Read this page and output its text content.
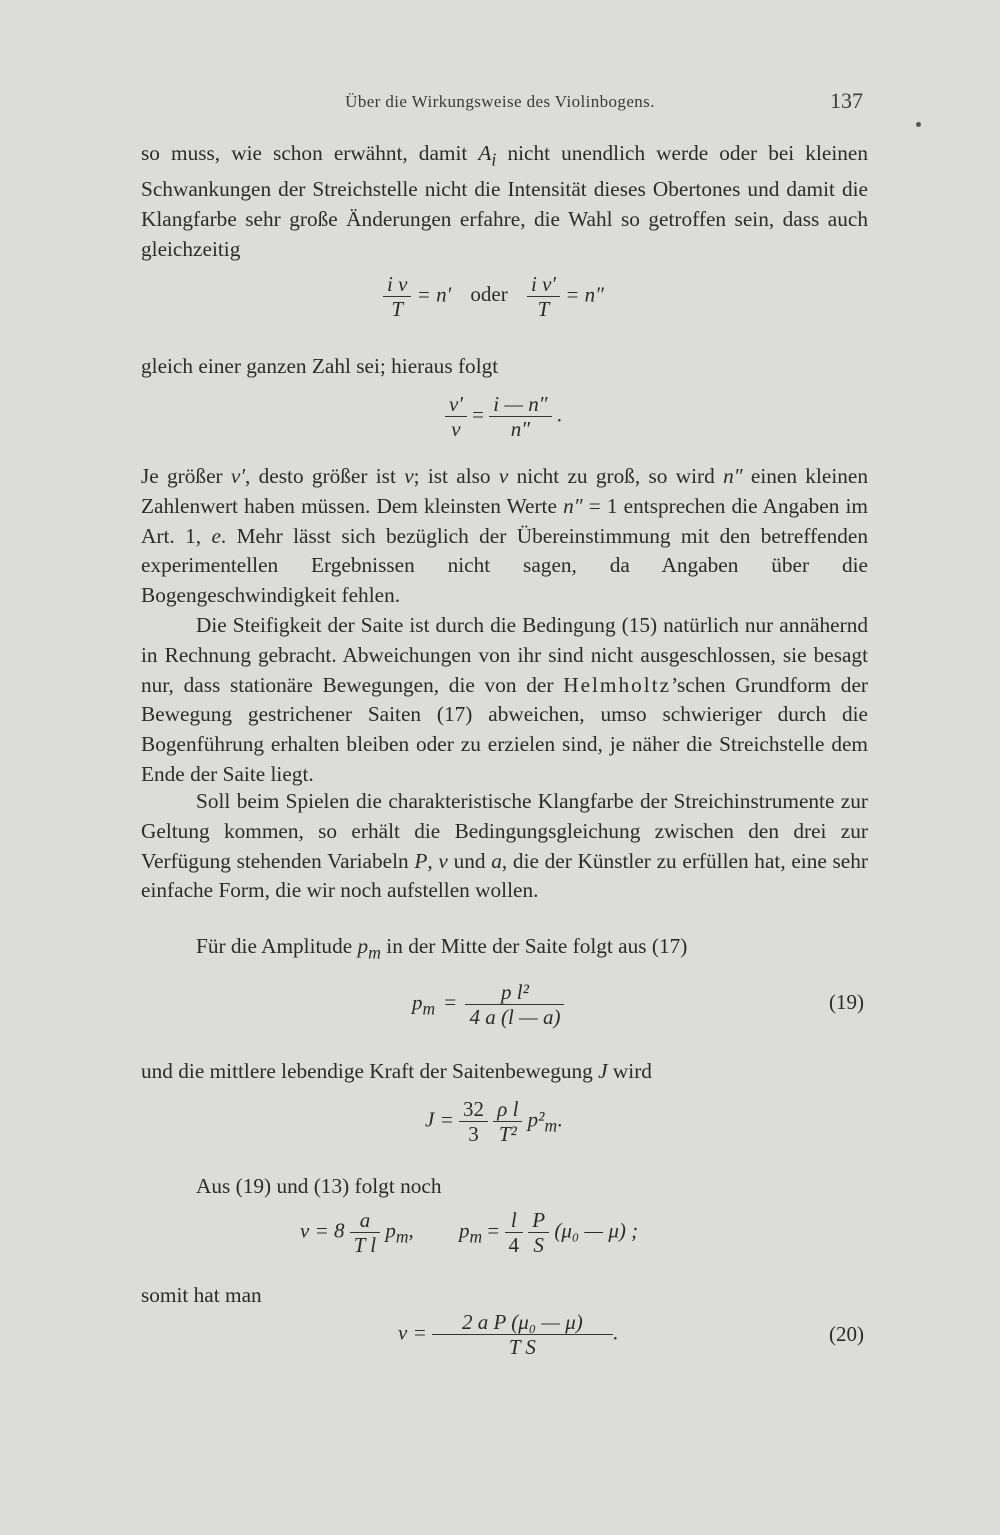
Über die Wirkungsweise des Violinbogens.	137

so muss, wie schon erwähnt, damit $A_i$ nicht unendlich werde oder bei kleinen Schwankungen der Streichstelle nicht die Intensität dieses Obertones und damit die Klangfarbe sehr große Änderungen erfahre, die Wahl so getroffen sein, dass auch gleichzeitig

$\frac{\text{i v}}{T} = n'$ oder $\frac{\text{i v′}}{T} = n''$

gleich einer ganzen Zahl sei; hieraus folgt

$\frac{v'}{v} = \frac{i — n''}{n''}$ .

Je größer v′, desto größer ist v; ist also v nicht zu groß, so wird n″ einen kleinen Zahlenwert haben müssen. Dem kleinsten Werte n″ = 1 entsprechen die Angaben im Art. 1, e. Mehr lässt sich bezüglich der Übereinstimmung mit den betreffenden experimentellen Ergebnissen nicht sagen, da Angaben über die Bogengeschwindigkeit fehlen.

Die Steifigkeit der Saite ist durch die Bedingung (15) natürlich nur annähernd in Rechnung gebracht. Abweichungen von ihr sind nicht ausgeschlossen, sie besagt nur, dass stationäre Bewegungen, die von der Helmholtz’schen Grundform der Bewegung gestrichener Saiten (17) abweichen, umso schwieriger durch die Bogenführung erhalten bleiben oder zu erzielen sind, je näher die Streichstelle dem Ende der Saite liegt.

Soll beim Spielen die charakteristische Klangfarbe der Streichinstrumente zur Geltung kommen, so erhält die Bedingungsgleichung zwischen den drei zur Verfügung stehenden Variabeln P, v und a, die der Künstler zu erfüllen hat, eine sehr einfache Form, die wir noch aufstellen wollen.

Für die Amplitude $p_m$ in der Mitte der Saite folgt aus (17)

$p_m = \frac{\text{p l²}}{4 a (l — a)}$	(19)

und die mittlere lebendige Kraft der Saitenbewegung J wird

$J = \frac{32}{3}$
$\frac{\text{ρ l}}{\text{T²}} p^2_m$.

Aus (19) und (13) folgt noch

$v = 8 \frac{a}{\text{T l}} p_m$, $p_m = \frac{l}{4}$
$\frac{P}{S} (\mu_0$ — μ) ;
somit hat man
$v = \frac{\text{2 a P (μ₀ — μ)}}{\text{T S}}$ .	(20)
